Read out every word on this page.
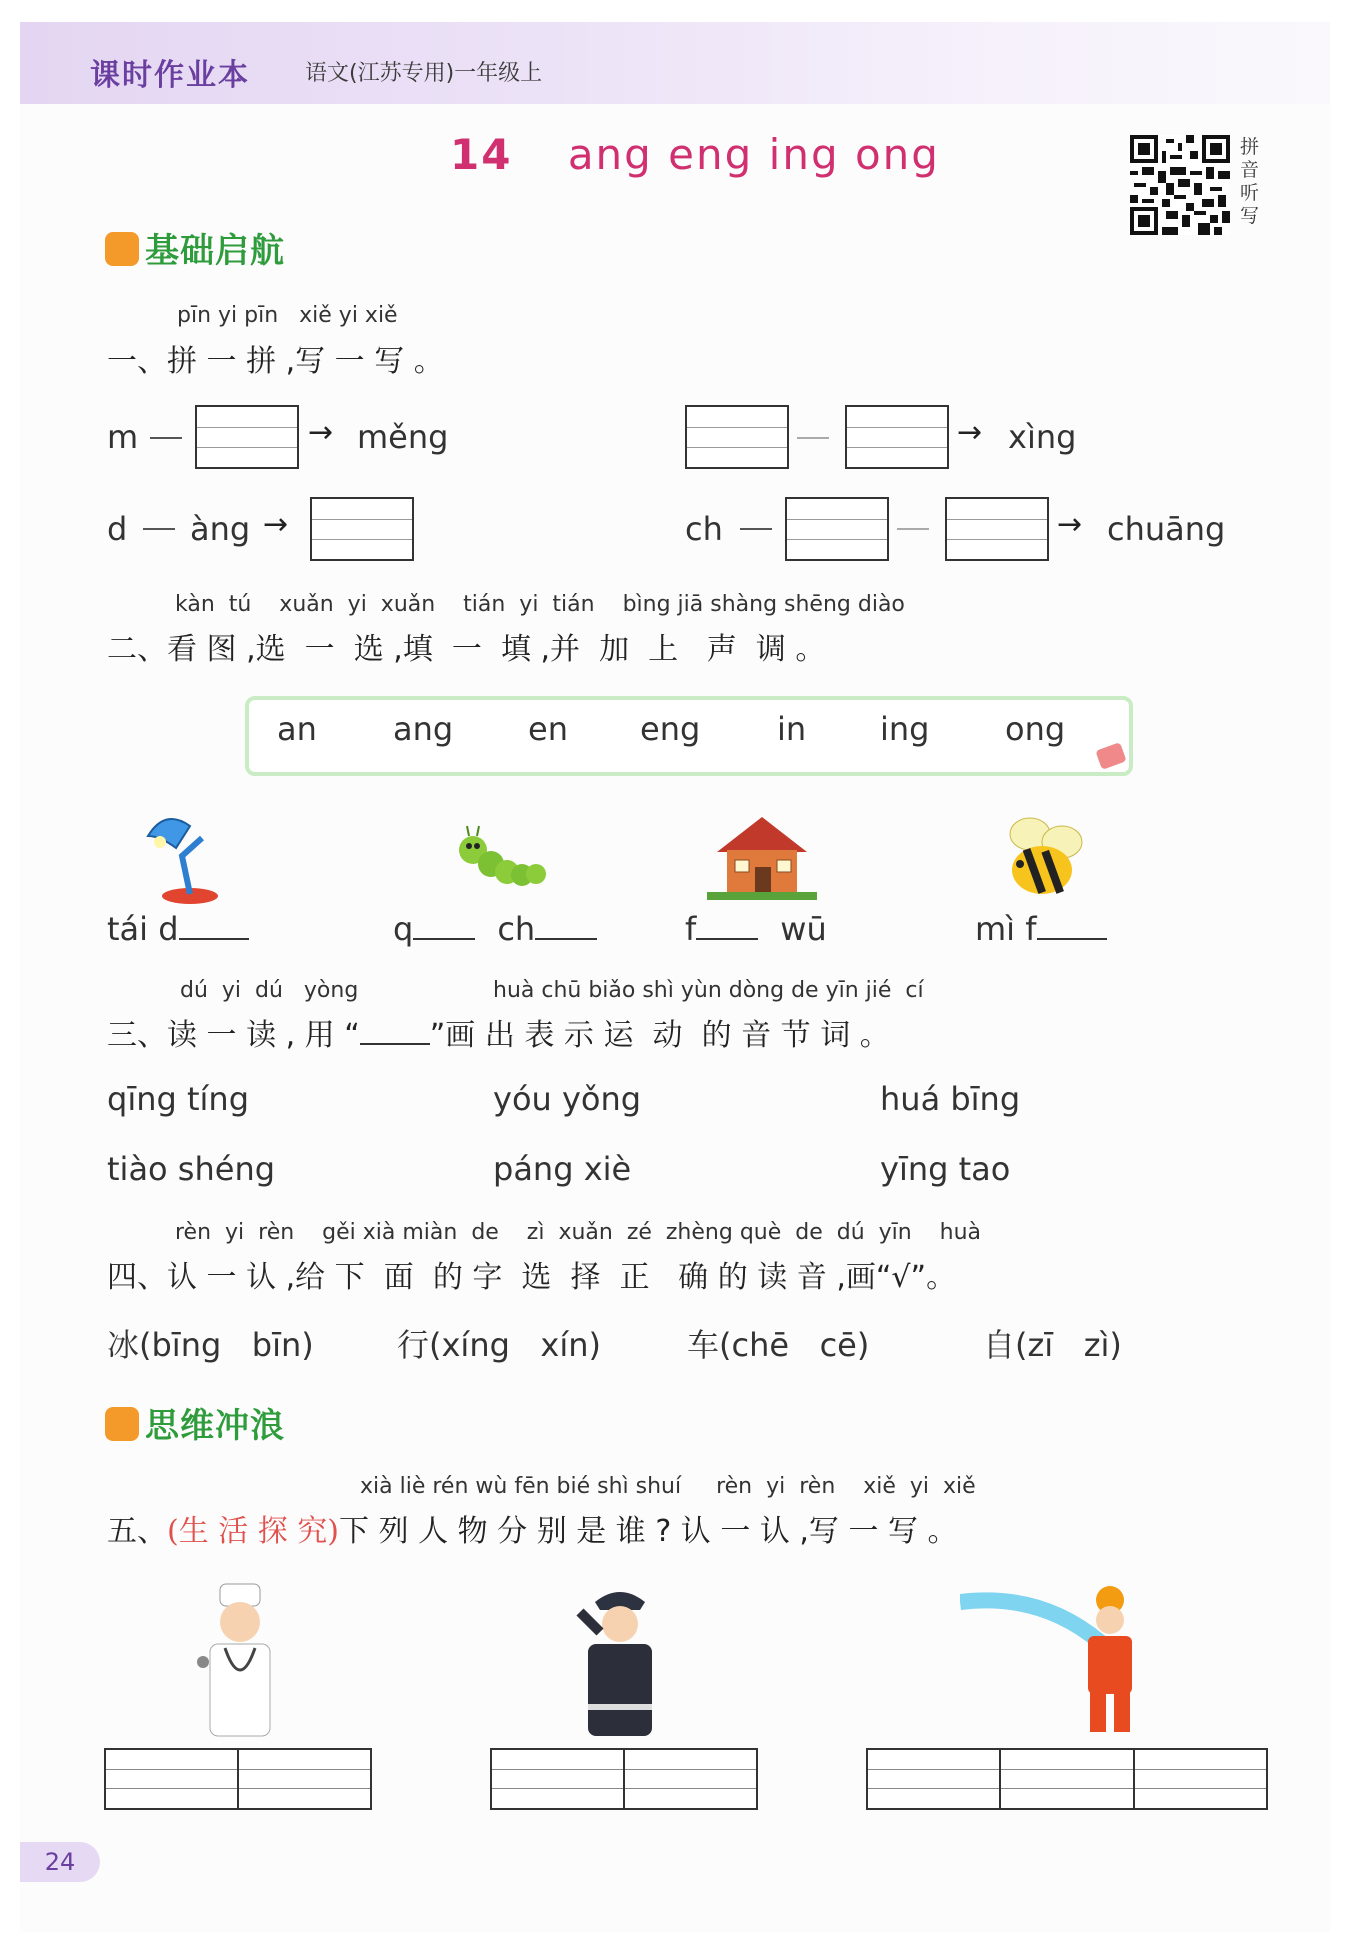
课时作业本	语文(江苏专用)一年级上
14 ang eng ing ong	拼
音
听
写
基础启航
pīn yi pīn   xiě yi xiě
一、拼 一 拼 ,写 一 写 。
m	→ měng	→ xìng
d àng →	ch	→ chuāng
kàn  tú    xuǎn  yi  xuǎn    tián  yi  tián    bìng jiā shàng shēng diào
二、看 图 ,选  一  选 ,填  一  填 ,并  加  上   声  调 。
an ang en eng in ing ong
tái d	q	ch	f	wū	mì f
dú  yi  dú   yòng	huà chū biǎo shì yùn dòng de yīn jié  cí
三、读 一 读 , 用 “ ”画 出 表 示 运  动  的 音 节 词 。
qīng tíng	yóu yǒng	huá bīng
tiào shéng	páng xiè	yīng tao
rèn  yi  rèn    gěi xià miàn  de    zì  xuǎn  zé  zhèng què  de  dú  yīn    huà
四、认 一 认 ,给 下  面  的 字  选  择  正   确 的 读 音 ,画“√”。
冰(bīng   bīn)	行(xíng   xín)	车(chē   cē)	自(zī   zì)
思维冲浪
xià liè rén wù fēn bié shì shuí     rèn  yi  rèn    xiě  yi  xiě
五、(生 活 探 究)下 列 人 物 分 别 是 谁 ? 认 一 认 ,写 一 写 。
24
